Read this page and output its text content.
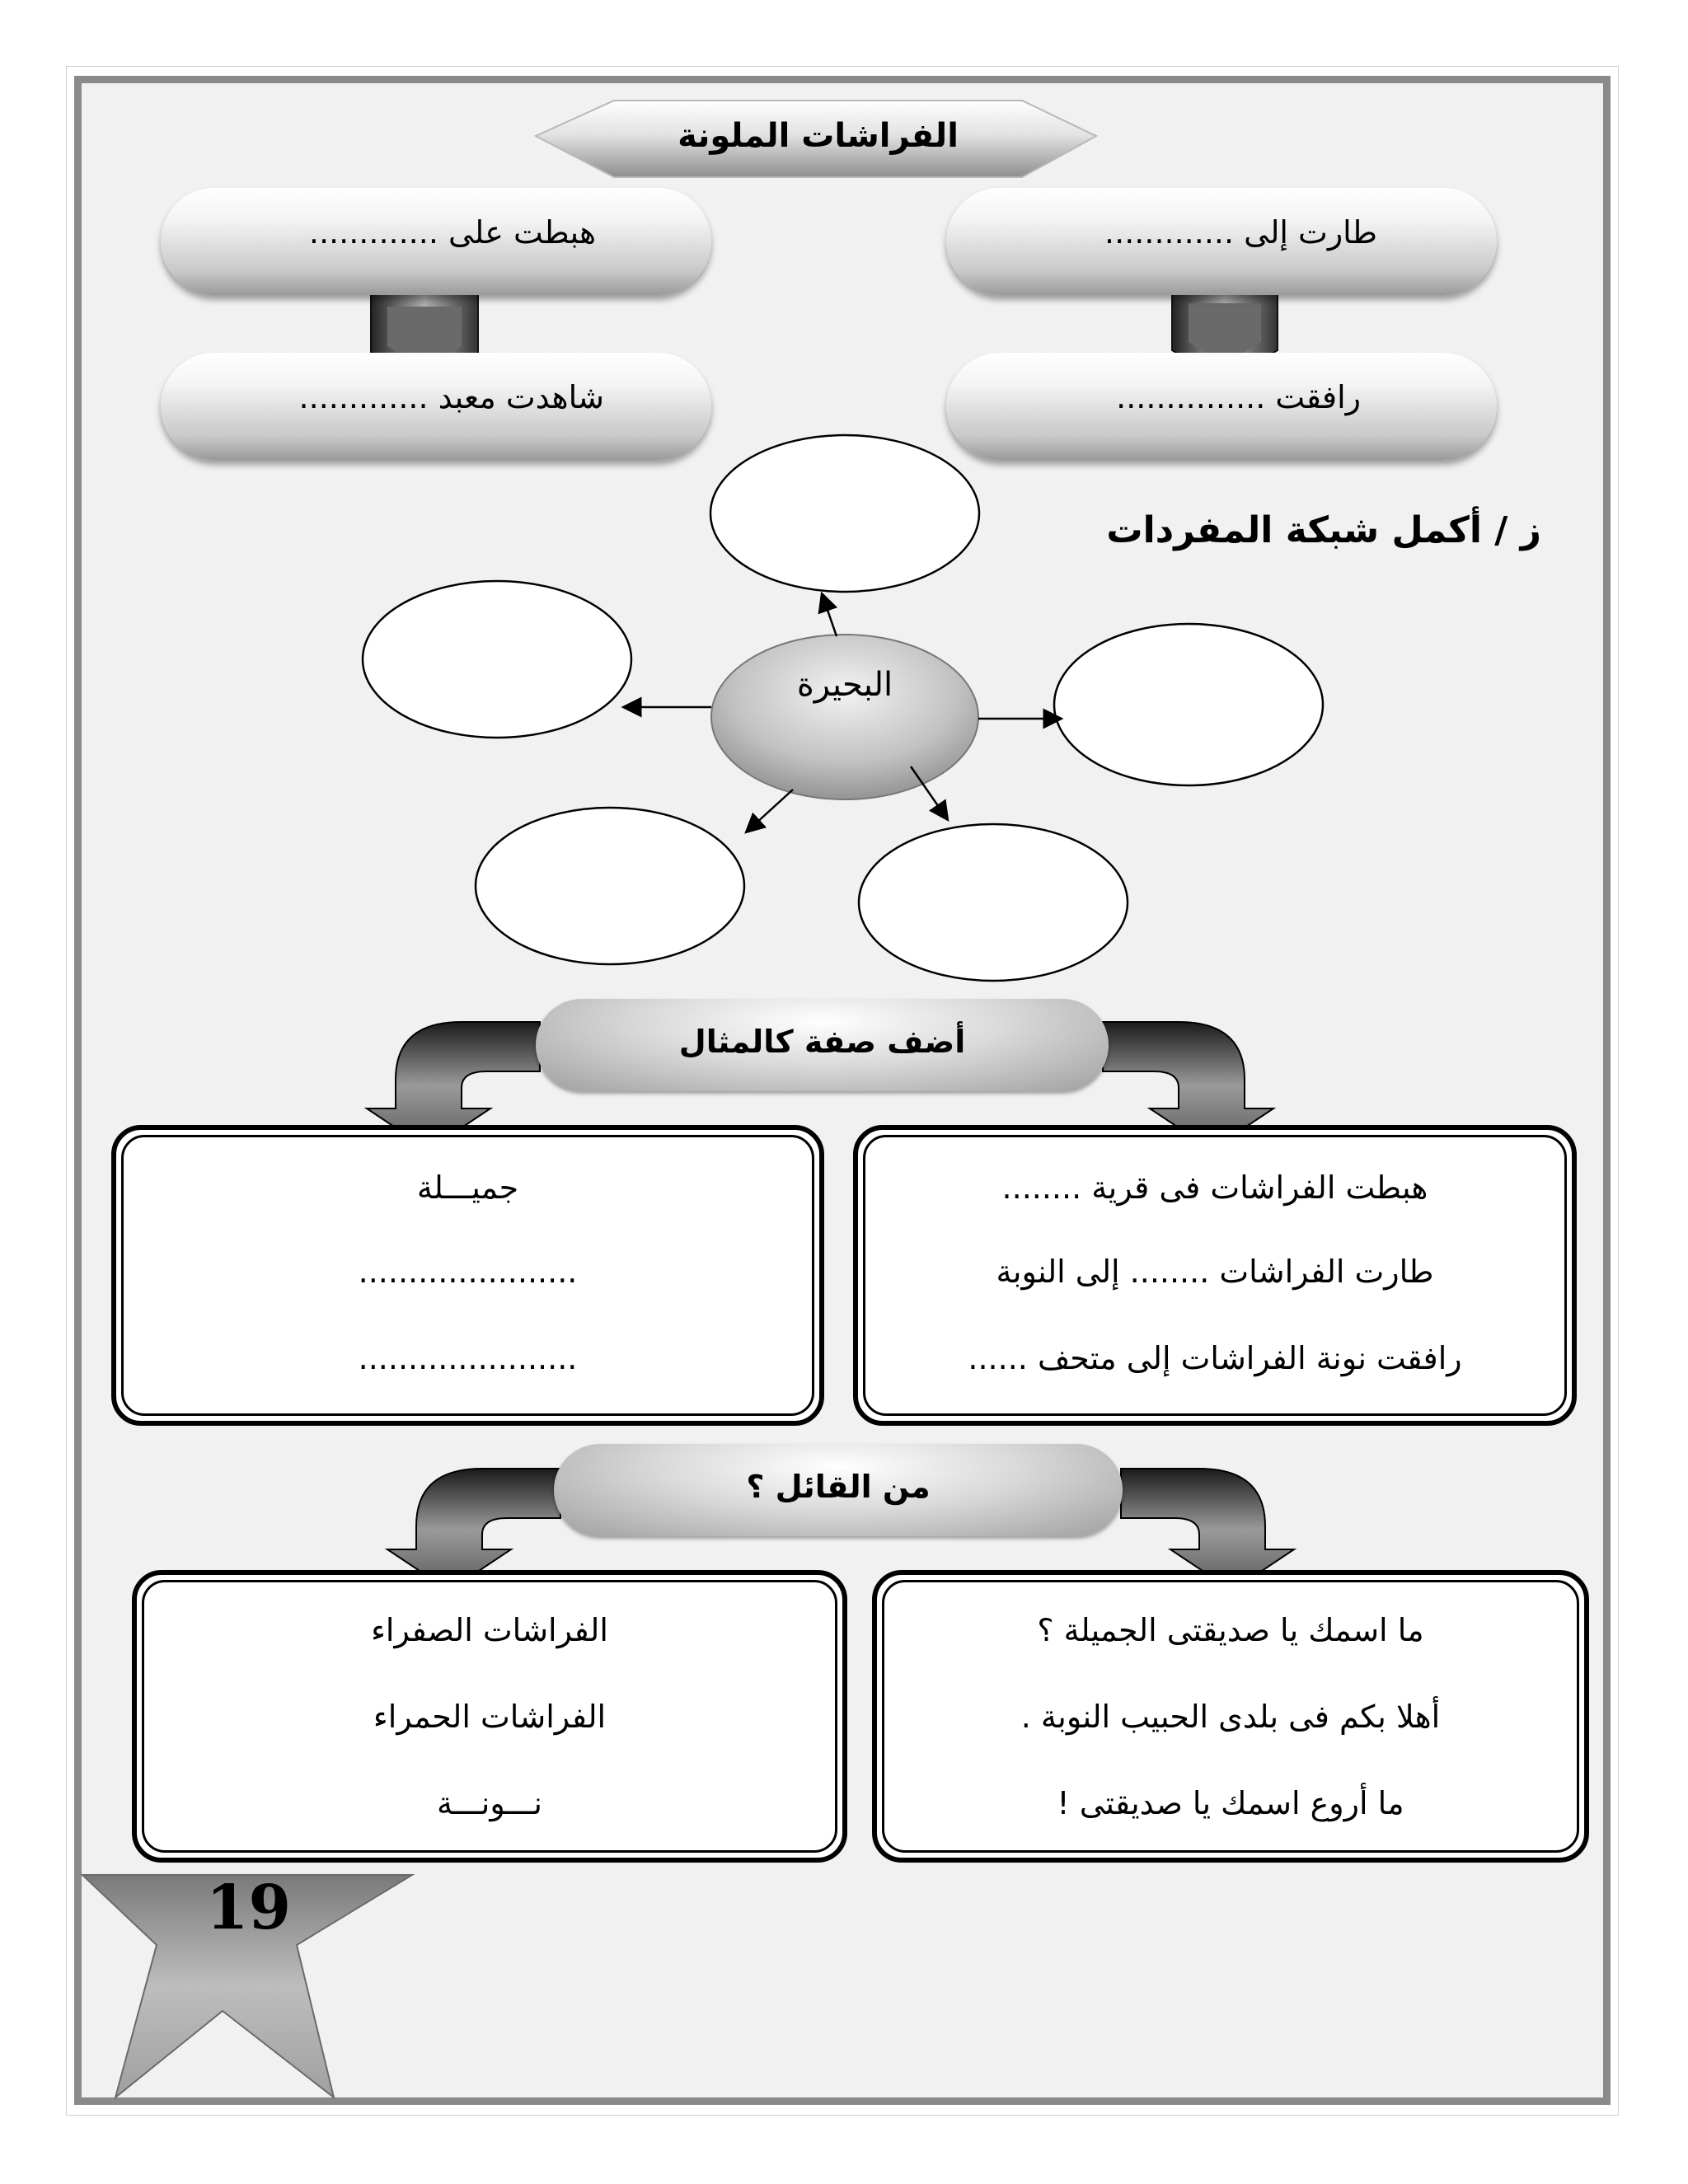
الفراشات الملونة
هبطت على .............	طارت إلى .............
شاهدت معبد .............	رافقت ...............
ز / أكمل شبكة المفردات
البحيرة
أضف صفة كالمثال
جميـــلة
......................
......................
هبطت الفراشات فى قرية ........
طارت الفراشات ........ إلى النوبة
رافقت نونة الفراشات إلى متحف ......
من القائل ؟
الفراشات الصفراء
الفراشات الحمراء
نـــونـــة
ما اسمك يا صديقتى الجميلة ؟
أهلا بكم فى بلدى الحبيب النوبة .
ما أروع اسمك يا صديقتى !
19
